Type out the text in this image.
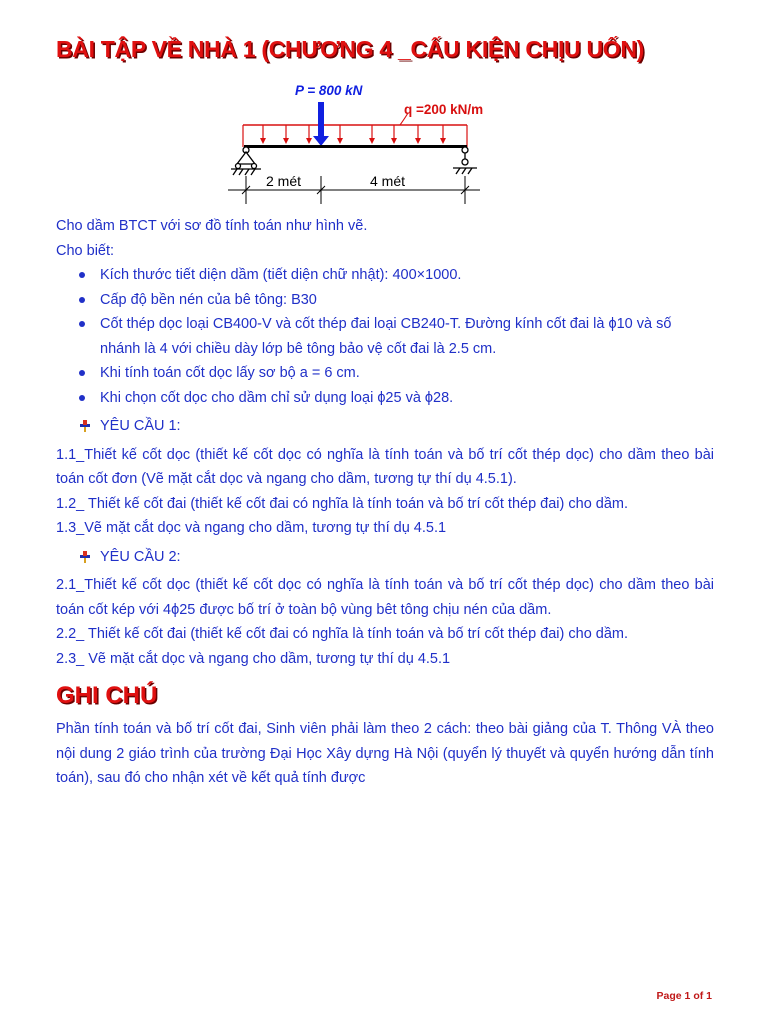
BÀI TẬP VỀ NHÀ 1 (CHƯƠNG 4 _CẤU KIỆN CHỊU UỐN)
q =200 kN/m
P = 800 kN
2 mét	4 mét

Cho dầm BTCT với sơ đồ tính toán như hình vẽ.

Cho biết:

Kích thước tiết diện dầm (tiết diện chữ nhật): 400×1000.
Cấp độ bền nén của bê tông: B30
Cốt thép dọc loại CB400-V và cốt thép đai loại CB240-T. Đường kính cốt đai là ϕ10 và số nhánh là 4 với chiều dày lớp bê tông bảo vệ cốt đai là 2.5 cm.
Khi tính toán cốt dọc lấy sơ bộ a = 6 cm.
Khi chọn cốt dọc cho dầm chỉ sử dụng loại ϕ25 và ϕ28.

YÊU CẦU 1:

1.1_Thiết kế cốt dọc (thiết kế cốt dọc có nghĩa là tính toán và bố trí cốt thép dọc) cho dầm theo bài toán cốt đơn (Vẽ mặt cắt dọc và ngang cho dầm, tương tự thí dụ 4.5.1).

1.2_ Thiết kế cốt đai (thiết kế cốt đai có nghĩa là tính toán và bố trí cốt thép đai) cho dầm.

1.3_Vẽ mặt cắt dọc và ngang cho dầm, tương tự thí dụ 4.5.1

YÊU CẦU 2:

2.1_Thiết kế cốt dọc (thiết kế cốt dọc có nghĩa là tính toán và bố trí cốt thép dọc) cho dầm theo bài toán cốt kép với 4ϕ25 được bố trí ở toàn bộ vùng bêt tông chịu nén của dầm.

2.2_ Thiết kế cốt đai (thiết kế cốt đai có nghĩa là tính toán và bố trí cốt thép đai) cho dầm.

2.3_ Vẽ mặt cắt dọc và ngang cho dầm, tương tự thí dụ 4.5.1

GHI CHÚ

Phần tính toán và bố trí cốt đai, Sinh viên phải làm theo 2 cách: theo bài giảng của T. Thông VÀ theo nội dung 2 giáo trình của trường Đại Học Xây dựng Hà Nội (quyển lý thuyết và quyển hướng dẫn tính toán), sau đó cho nhận xét về kết quả tính được

Page 1 of 1
